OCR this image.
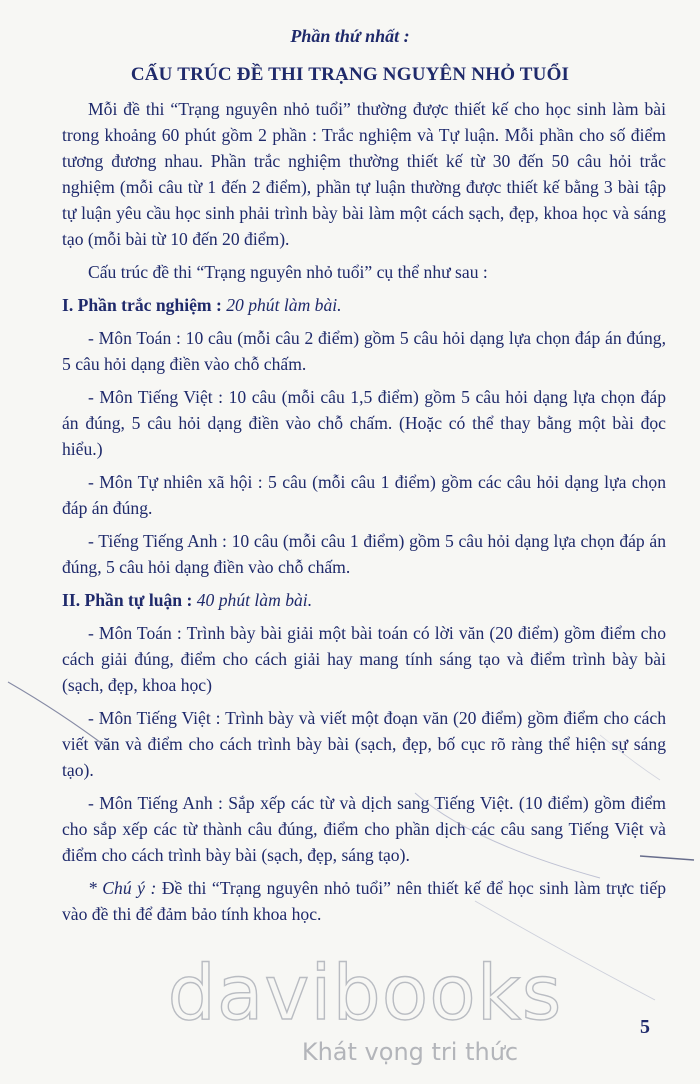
Phần thứ nhất :
CẤU TRÚC ĐỀ THI TRẠNG NGUYÊN NHỎ TUỔI

Mỗi đề thi “Trạng nguyên nhỏ tuổi” thường được thiết kế cho học sinh làm bài trong khoảng 60 phút gồm 2 phần : Trắc nghiệm và Tự luận. Mỗi phần cho số điểm tương đương nhau. Phần trắc nghiệm thường thiết kế từ 30 đến 50 câu hỏi trắc nghiệm (mỗi câu từ 1 đến 2 điểm), phần tự luận thường được thiết kế bằng 3 bài tập tự luận yêu cầu học sinh phải trình bày bài làm một cách sạch, đẹp, khoa học và sáng tạo (mỗi bài từ 10 đến 20 điểm).

Cấu trúc đề thi “Trạng nguyên nhỏ tuổi” cụ thể như sau :

I. Phần trắc nghiệm : 20 phút làm bài.

- Môn Toán : 10 câu (mỗi câu 2 điểm) gồm 5 câu hỏi dạng lựa chọn đáp án đúng, 5 câu hỏi dạng điền vào chỗ chấm.

- Môn Tiếng Việt : 10 câu (mỗi câu 1,5 điểm) gồm 5 câu hỏi dạng lựa chọn đáp án đúng, 5 câu hỏi dạng điền vào chỗ chấm. (Hoặc có thể thay bằng một bài đọc hiểu.)

- Môn Tự nhiên xã hội : 5 câu (mỗi câu 1 điểm) gồm các câu hỏi dạng lựa chọn đáp án đúng.

- Tiếng Tiếng Anh : 10 câu (mỗi câu 1 điểm) gồm 5 câu hỏi dạng lựa chọn đáp án đúng, 5 câu hỏi dạng điền vào chỗ chấm.

II. Phần tự luận : 40 phút làm bài.

- Môn Toán : Trình bày bài giải một bài toán có lời văn (20 điểm) gồm điểm cho cách giải đúng, điểm cho cách giải hay mang tính sáng tạo và điểm trình bày bài (sạch, đẹp, khoa học)

- Môn Tiếng Việt : Trình bày và viết một đoạn văn (20 điểm) gồm điểm cho cách viết văn và điểm cho cách trình bày bài (sạch, đẹp, bố cục rõ ràng thể hiện sự sáng tạo).

- Môn Tiếng Anh : Sắp xếp các từ và dịch sang Tiếng Việt. (10 điểm) gồm điểm cho sắp xếp các từ thành câu đúng, điểm cho phần dịch các câu sang Tiếng Việt và điểm cho cách trình bày bài (sạch, đẹp, sáng tạo).

* Chú ý : Đề thi “Trạng nguyên nhỏ tuổi” nên thiết kế để học sinh làm trực tiếp vào đề thi để đảm bảo tính khoa học.

5
davibooks
Khát vọng tri thức
